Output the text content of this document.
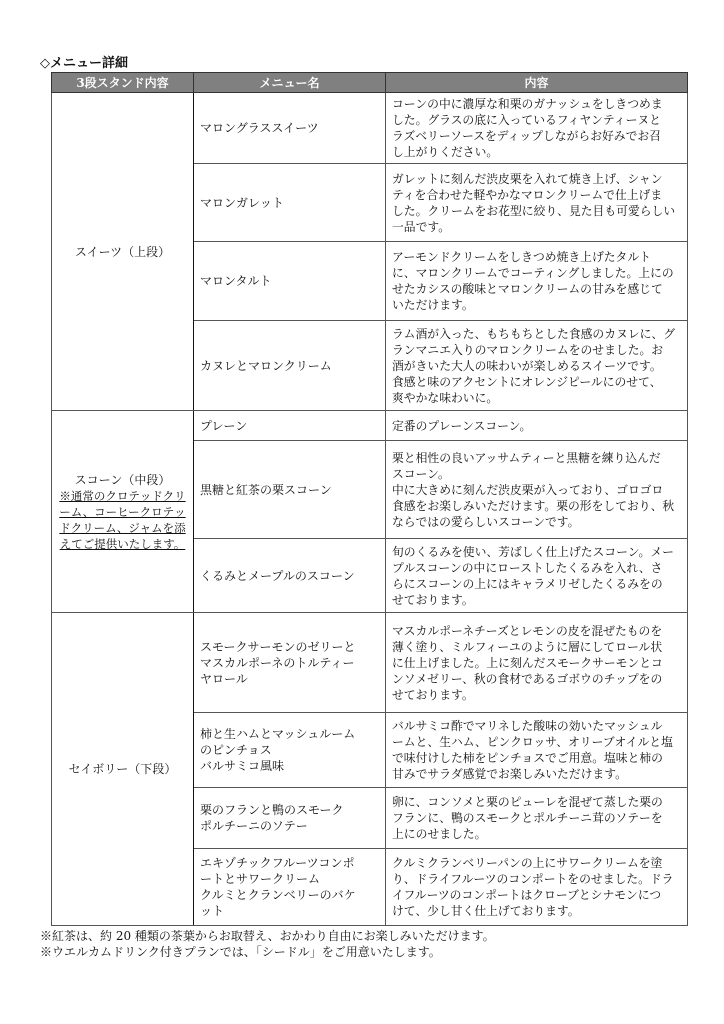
◇メニュー詳細
3段スタンド内容	メニュー名	内容
スイーツ（上段）	マロングラススイーツ	コーンの中に濃厚な和栗のガナッシュをしきつめま
した。グラスの底に入っているフィヤンティーヌと
ラズベリーソースをディップしながらお好みでお召
し上がりください。
	マロンガレット	ガレットに刻んだ渋皮栗を入れて焼き上げ、シャン
ティを合わせた軽やかなマロンクリームで仕上げま
した。クリームをお花型に絞り、見た目も可愛らしい
一品です。
	マロンタルト	アーモンドクリームをしきつめ焼き上げたタルト
に、マロンクリームでコーティングしました。上にの
せたカシスの酸味とマロンクリームの甘みを感じて
いただけます。
	カヌレとマロンクリーム	ラム酒が入った、もちもちとした食感のカヌレに、グ
ランマニエ入りのマロンクリームをのせました。お
酒がきいた大人の味わいが楽しめるスイーツです。
食感と味のアクセントにオレンジピールにのせて、
爽やかな味わいに。
スコーン（中段）
※通常のクロテッドクリーム、コーヒークロテッドクリーム、ジャムを添えてご提供いたします。	プレーン	定番のプレーンスコーン。
	黒糖と紅茶の栗スコーン	栗と相性の良いアッサムティーと黒糖を練り込んだ
スコーン。
中に大きめに刻んだ渋皮栗が入っており、ゴロゴロ
食感をお楽しみいただけます。栗の形をしており、秋
ならではの愛らしいスコーンです。
	くるみとメープルのスコーン	旬のくるみを使い、芳ばしく仕上げたスコーン。メー
プルスコーンの中にローストしたくるみを入れ、さ
らにスコーンの上にはキャラメリゼしたくるみをの
せております。
セイボリー（下段）	スモークサーモンのゼリーと
マスカルポーネのトルティー
ヤロール	マスカルポーネチーズとレモンの皮を混ぜたものを
薄く塗り、ミルフィーユのように層にしてロール状
に仕上げました。上に刻んだスモークサーモンとコ
ンソメゼリー、秋の食材であるゴボウのチップをの
せております。
	柿と生ハムとマッシュルーム
のピンチョス
バルサミコ風味	バルサミコ酢でマリネした酸味の効いたマッシュル
ームと、生ハム、ピンクロッサ、オリーブオイルと塩
で味付けした柿をピンチョスでご用意。塩味と柿の
甘みでサラダ感覚でお楽しみいただけます。
	栗のフランと鴨のスモーク
ポルチーニのソテー	卵に、コンソメと栗のピューレを混ぜて蒸した栗の
フランに、鴨のスモークとポルチーニ茸のソテーを
上にのせました。
	エキゾチックフルーツコンポ
ートとサワークリーム
クルミとクランベリーのバケ
ット	クルミクランベリーパンの上にサワークリームを塗
り、ドライフルーツのコンポートをのせました。ドラ
イフルーツのコンポートはクローブとシナモンにつ
けて、少し甘く仕上げております。
※紅茶は、約 20 種類の茶葉からお取替え、おかわり自由にお楽しみいただけます。
※ウエルカムドリンク付きプランでは、「シードル」をご用意いたします。
